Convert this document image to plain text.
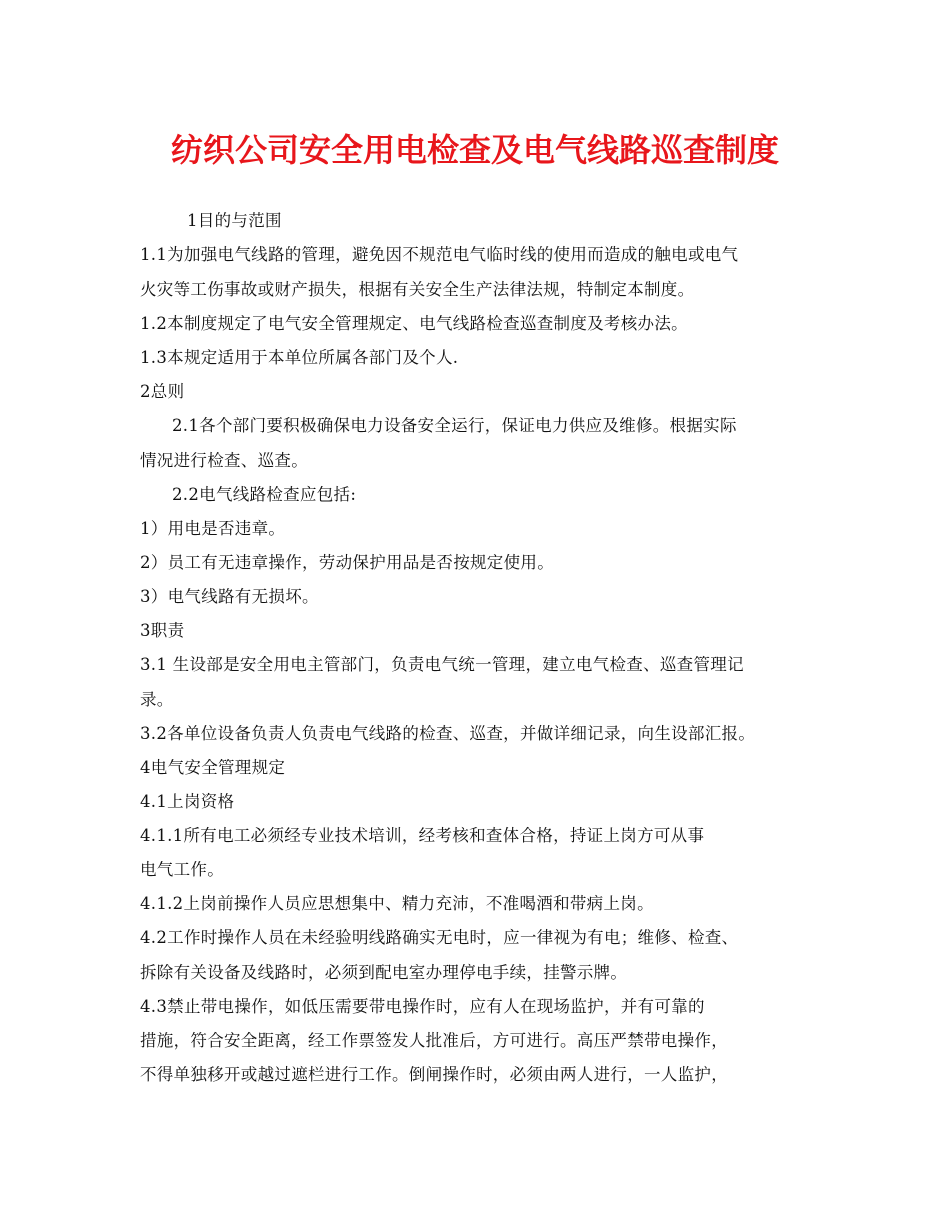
纺织公司安全用电检查及电气线路巡查制度
1目的与范围
1.1为加强电气线路的管理，避免因不规范电气临时线的使用而造成的触电或电气
火灾等工伤事故或财产损失，根据有关安全生产法律法规，特制定本制度。
1.2本制度规定了电气安全管理规定、电气线路检查巡查制度及考核办法。
1.3本规定适用于本单位所属各部门及个人.
2总则
2.1各个部门要积极确保电力设备安全运行，保证电力供应及维修。根据实际
情况进行检查、巡查。
2.2电气线路检查应包括:
1）用电是否违章。
2）员工有无违章操作，劳动保护用品是否按规定使用。
3）电气线路有无损坏。
3职责
3.1 生设部是安全用电主管部门，负责电气统一管理，建立电气检查、巡查管理记
录。
3.2各单位设备负责人负责电气线路的检查、巡查，并做详细记录，向生设部汇报。
4电气安全管理规定
4.1上岗资格
4.1.1所有电工必须经专业技术培训，经考核和查体合格，持证上岗方可从事
电气工作。
4.1.2上岗前操作人员应思想集中、精力充沛，不准喝酒和带病上岗。
4.2工作时操作人员在未经验明线路确实无电时，应一律视为有电；维修、检查、
拆除有关设备及线路时，必须到配电室办理停电手续，挂警示牌。
4.3禁止带电操作，如低压需要带电操作时，应有人在现场监护，并有可靠的
措施，符合安全距离，经工作票签发人批准后，方可进行。高压严禁带电操作，
不得单独移开或越过遮栏进行工作。倒闸操作时，必须由两人进行，一人监护，
